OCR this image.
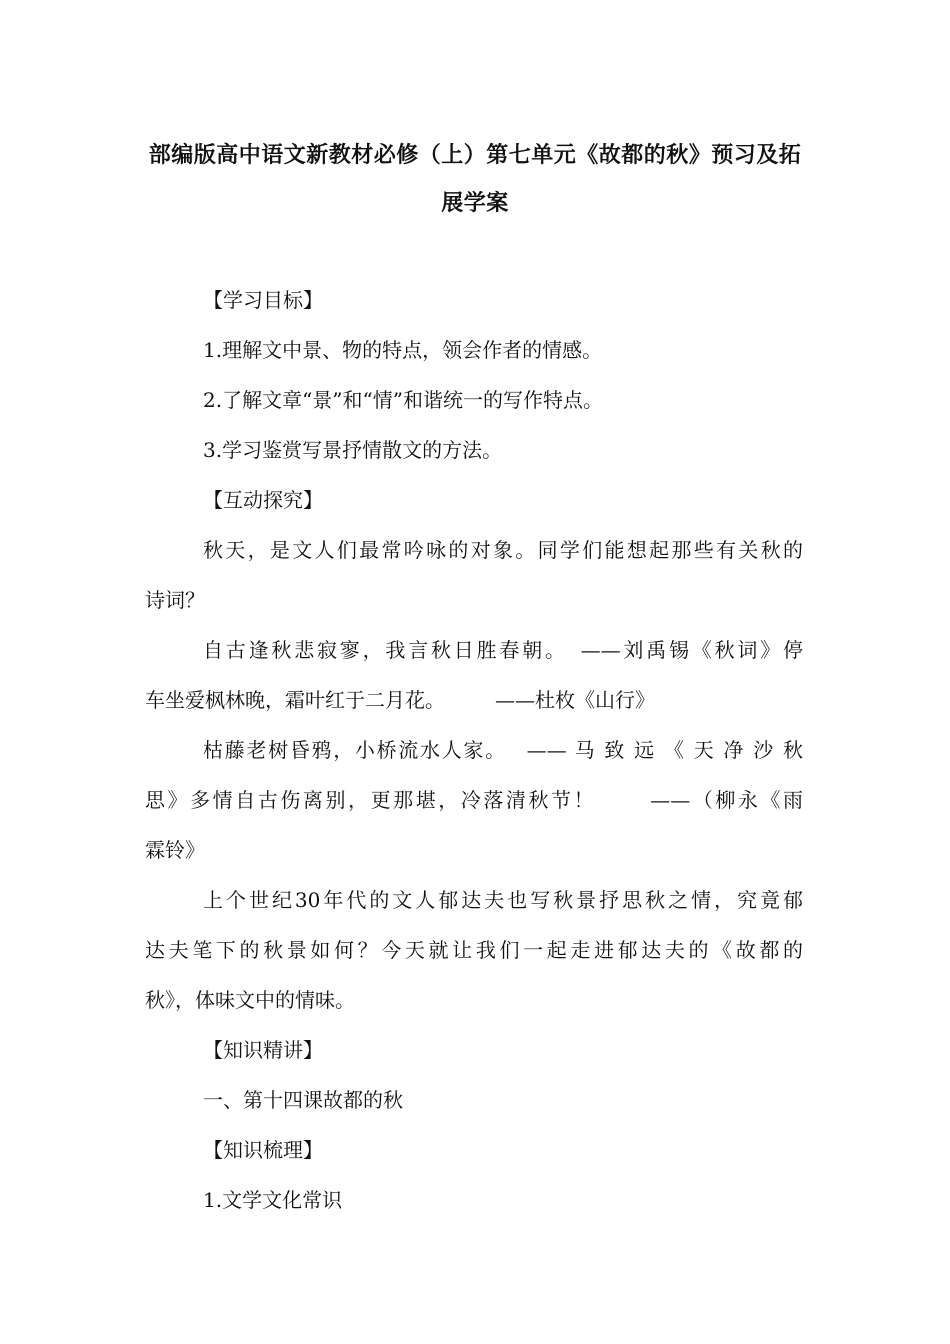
部编版高中语文新教材必修（上）第七单元《故都的秋》预习及拓
展学案
【学习目标】
1.理解文中景、物的特点，领会作者的情感。
2.了解文章“景”和“情”和谐统一的写作特点。
3.学习鉴赏写景抒情散文的方法。
【互动探究】
秋天，是文人们最常吟咏的对象。同学们能想起那些有关秋的
诗词？
自古逢秋悲寂寥，我言秋日胜春朝。　——刘禹锡《秋词》停
车坐爱枫林晚，霜叶红于二月花。　　　——杜枚《山行》
枯藤老树昏鸦，小桥流水人家。　 —— 马 致 远 《 天 净 沙 秋
思》多情自古伤离别，更那堪，冷落清秋节！　　 ——（柳永《雨
霖铃》
上个世纪30年代的文人郁达夫也写秋景抒思秋之情，究竟郁
达夫笔下的秋景如何？今天就让我们一起走进郁达夫的《故都的
秋》，体味文中的情味。
【知识精讲】
一、第十四课故都的秋
【知识梳理】
1.文学文化常识
